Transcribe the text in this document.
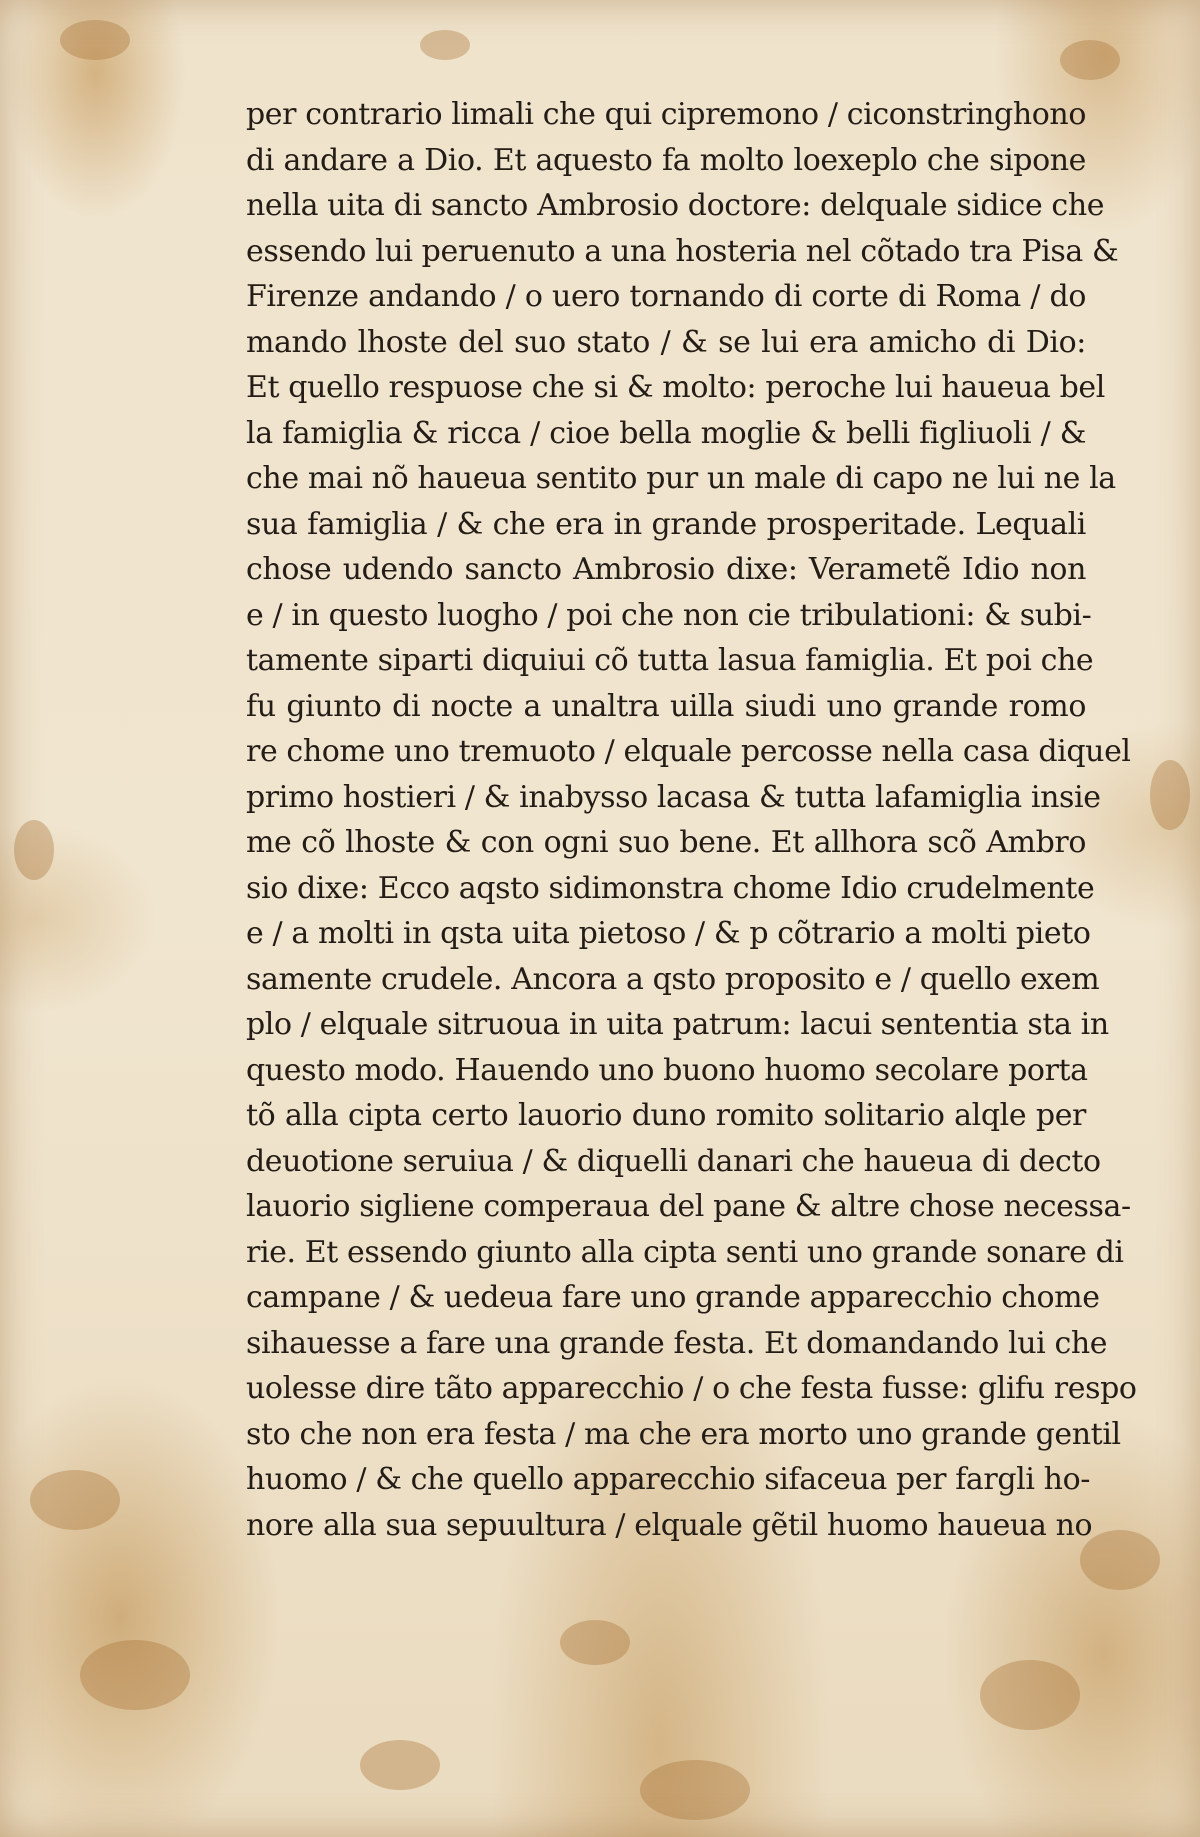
per contrario limali che qui cipremono / ciconstringhono
di andare a Dio. Et aquesto fa molto loexeplo che sipone
nella uita di sancto Ambrosio doctore: delquale sidice che
essendo lui peruenuto a una hosteria nel cõtado tra Pisa &
Firenze andando / o uero tornando di corte di Roma / do
mando lhoste del suo stato / & se lui era amicho di Dio:
Et quello respuose che si & molto: peroche lui haueua bel
la famiglia & ricca / cioe bella moglie & belli figliuoli / &
che mai nõ haueua sentito pur un male di capo ne lui ne la
sua famiglia / & che era in grande prosperitade. Lequali
chose udendo sancto Ambrosio dixe: Verametẽ Idio non
e / in questo luogho / poi che non cie tribulationi: & subi-
tamente siparti diquiui cõ tutta lasua famiglia. Et poi che
fu giunto di nocte a unaltra uilla siudi uno grande romo
re chome uno tremuoto / elquale percosse nella casa diquel
primo hostieri / & inabysso lacasa & tutta lafamiglia insie
me cõ lhoste & con ogni suo bene. Et allhora scõ Ambro
sio dixe: Ecco aqsto sidimonstra chome Idio crudelmente
e / a molti in qsta uita pietoso / & p cõtrario a molti pieto
samente crudele. Ancora a qsto proposito e / quello exem
plo / elquale sitruoua in uita patrum: lacui sententia sta in
questo modo. Hauendo uno buono huomo secolare porta
tõ alla cipta certo lauorio duno romito solitario alqle per
deuotione seruiua / & diquelli danari che haueua di decto
lauorio sigliene comperaua del pane & altre chose necessa-
rie. Et essendo giunto alla cipta senti uno grande sonare di
campane / & uedeua fare uno grande apparecchio chome
sihauesse a fare una grande festa. Et domandando lui che
uolesse dire tãto apparecchio / o che festa fusse: glifu respo
sto che non era festa / ma che era morto uno grande gentil
huomo / & che quello apparecchio sifaceua per fargli ho-
nore alla sua sepuultura / elquale gẽtil huomo haueua no
